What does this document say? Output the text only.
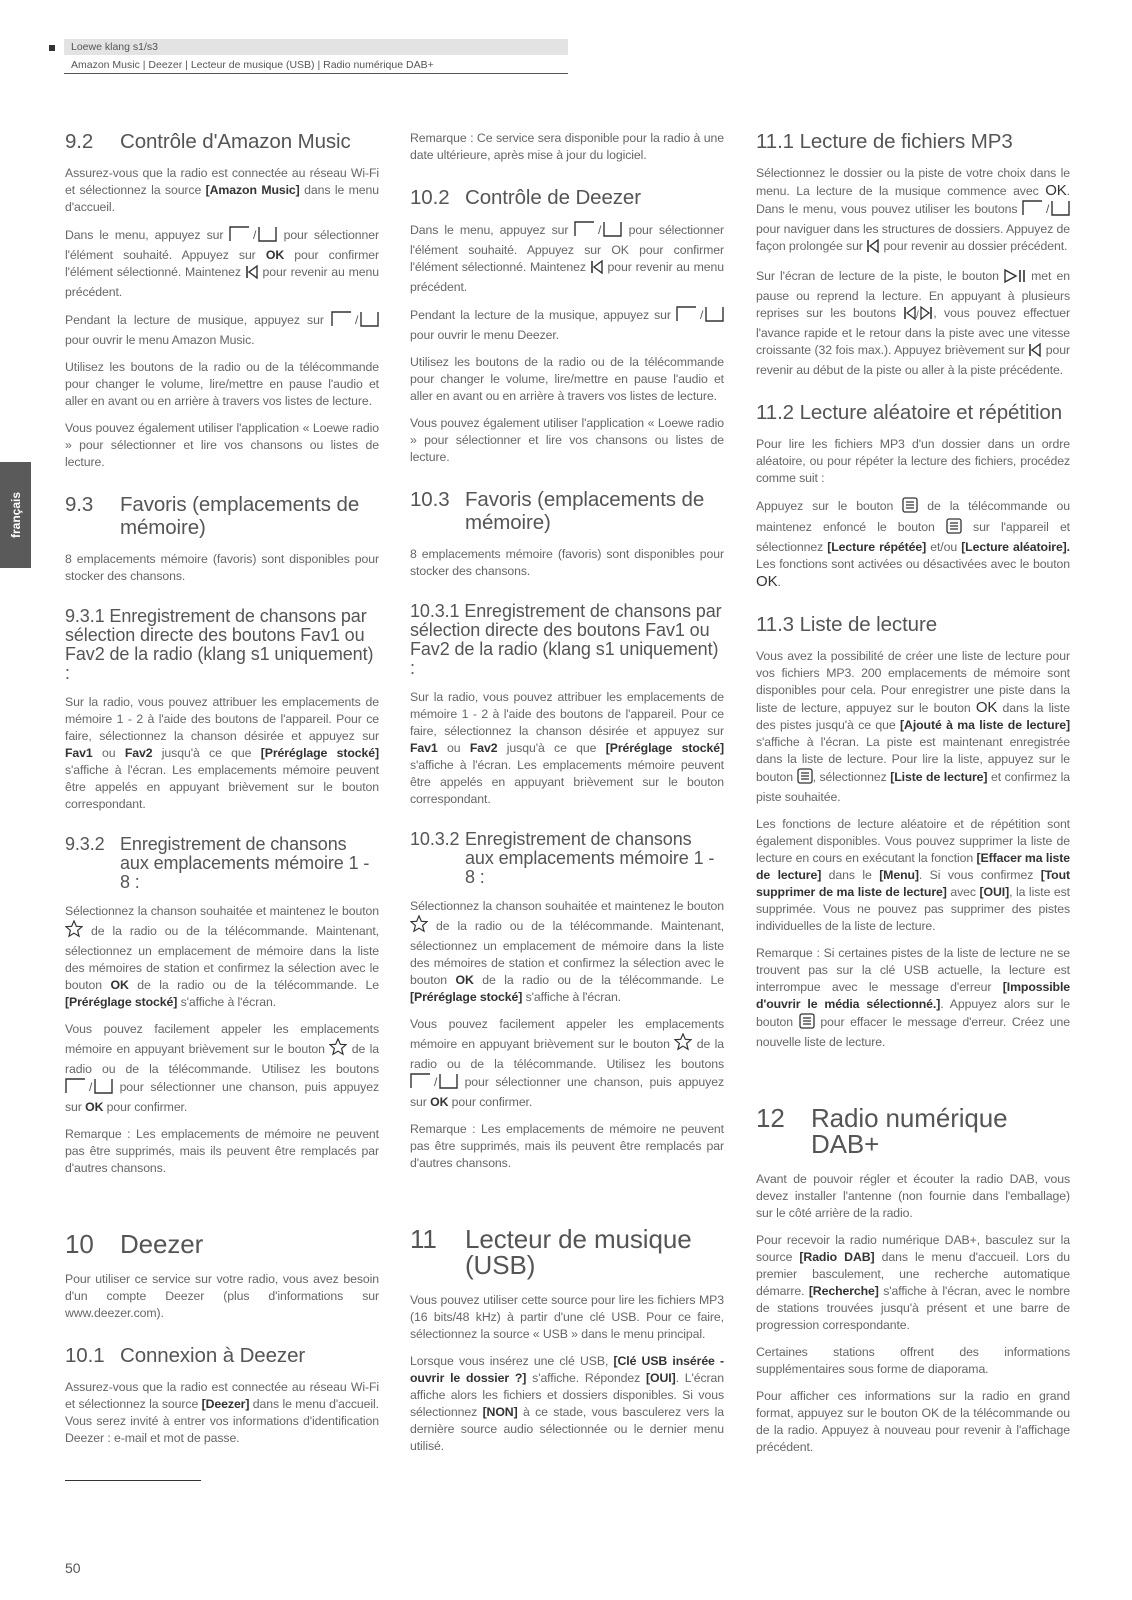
Loewe klang s1/s3
Amazon Music | Deezer | Lecteur de musique (USB) | Radio numérique DAB+
français
9.2	Contrôle d'Amazon Music

Assurez-vous que la radio est connectée au réseau Wi-Fi et sélectionnez la source [Amazon Music] dans le menu d'accueil.

Dans le menu, appuyez sur / pour sélectionner l'élément souhaité. Appuyez sur OK pour confirmer l'élément sélectionné. Maintenez  pour revenir au menu précédent.

Pendant la lecture de musique, appuyez sur /
pour ouvrir le menu Amazon Music.

Utilisez les boutons de la radio ou de la télécommande pour changer le volume, lire/mettre en pause l'audio et aller en avant ou en arrière à travers vos listes de lecture.

Vous pouvez également utiliser l'application « Loewe radio » pour sélectionner et lire vos chansons ou listes de lecture.

9.3	Favoris (emplacements de mémoire)

8 emplacements mémoire (favoris) sont disponibles pour stocker des chansons.

9.3.1 Enregistrement de chansons par sélection directe des boutons Fav1 ou Fav2 de la radio (klang s1 uniquement) :

Sur la radio, vous pouvez attribuer les emplacements de mémoire 1 - 2 à l'aide des boutons de l'appareil. Pour ce faire, sélectionnez la chanson désirée et appuyez sur Fav1 ou Fav2 jusqu'à ce que [Préréglage stocké] s'affiche à l'écran. Les emplacements mémoire peuvent être appelés en appuyant brièvement sur le bouton correspondant.

9.3.2 Enregistrement de chansons aux emplacements mémoire 1 - 8 :

Sélectionnez la chanson souhaitée et maintenez le bouton  de la radio ou de la télécommande. Maintenant, sélectionnez un emplacement de mémoire dans la liste des mémoires de station et confirmez la sélection avec le bouton OK de la radio ou de la télécommande. Le [Préréglage stocké] s'affiche à l'écran.

Vous pouvez facilement appeler les emplacements mémoire en appuyant brièvement sur le bouton  de la radio ou de la télécommande. Utilisez les boutons
/ pour sélectionner une chanson, puis appuyez sur OK pour confirmer.

Remarque : Les emplacements de mémoire ne peuvent pas être supprimés, mais ils peuvent être remplacés par d'autres chansons.

10	Deezer

Pour utiliser ce service sur votre radio, vous avez besoin d'un compte Deezer (plus d'informations sur www.deezer.com).

10.1 Connexion à Deezer

Assurez-vous que la radio est connectée au réseau Wi-Fi et sélectionnez la source [Deezer] dans le menu d'accueil. Vous serez invité à entrer vos informations d'identification Deezer : e-mail et mot de passe.

Remarque : Ce service sera disponible pour la radio à une date ultérieure, après mise à jour du logiciel.

10.2 Contrôle de Deezer

Dans le menu, appuyez sur / pour sélectionner l'élément souhaité. Appuyez sur OK pour confirmer l'élément sélectionné. Maintenez  pour revenir au menu précédent.

Pendant la lecture de la musique, appuyez sur /
pour ouvrir le menu Deezer.

Utilisez les boutons de la radio ou de la télécommande pour changer le volume, lire/mettre en pause l'audio et aller en avant ou en arrière à travers vos listes de lecture.

Vous pouvez également utiliser l'application « Loewe radio » pour sélectionner et lire vos chansons ou listes de lecture.

10.3 Favoris (emplacements de mémoire)

8 emplacements mémoire (favoris) sont disponibles pour stocker des chansons.

10.3.1 Enregistrement de chansons par sélection directe des boutons Fav1 ou Fav2 de la radio (klang s1 uniquement) :

Sur la radio, vous pouvez attribuer les emplacements de mémoire 1 - 2 à l'aide des boutons de l'appareil. Pour ce faire, sélectionnez la chanson désirée et appuyez sur Fav1 ou Fav2 jusqu'à ce que [Préréglage stocké] s'affiche à l'écran. Les emplacements mémoire peuvent être appelés en appuyant brièvement sur le bouton correspondant.

10.3.2 Enregistrement de chansons aux emplacements mémoire 1 - 8 :

Sélectionnez la chanson souhaitée et maintenez le bouton  de la radio ou de la télécommande. Maintenant, sélectionnez un emplacement de mémoire dans la liste des mémoires de station et confirmez la sélection avec le bouton OK de la radio ou de la télécommande. Le [Préréglage stocké] s'affiche à l'écran.

Vous pouvez facilement appeler les emplacements mémoire en appuyant brièvement sur le bouton  de la radio ou de la télécommande. Utilisez les boutons
/ pour sélectionner une chanson, puis appuyez sur OK pour confirmer.

Remarque : Les emplacements de mémoire ne peuvent pas être supprimés, mais ils peuvent être remplacés par d'autres chansons.

11	Lecteur de musique (USB)

Vous pouvez utiliser cette source pour lire les fichiers MP3 (16 bits/48 kHz) à partir d'une clé USB. Pour ce faire, sélectionnez la source « USB » dans le menu principal.

Lorsque vous insérez une clé USB, [Clé USB insérée - ouvrir le dossier ?] s'affiche. Répondez [OUI]. L'écran affiche alors les fichiers et dossiers disponibles. Si vous sélectionnez [NON] à ce stade, vous basculerez vers la dernière source audio sélectionnée ou le dernier menu utilisé.

11.1 Lecture de fichiers MP3

Sélectionnez le dossier ou la piste de votre choix dans le menu. La lecture de la musique commence avec OK. Dans le menu, vous pouvez utiliser les boutons /
pour naviguer dans les structures de dossiers. Appuyez de façon prolongée sur  pour revenir au dossier précédent.

Sur l'écran de lecture de la piste, le bouton  met en pause ou reprend la lecture. En appuyant à plusieurs reprises sur les boutons / , vous pouvez effectuer l'avance rapide et le retour dans la piste avec une vitesse croissante (32 fois max.). Appuyez brièvement sur  pour revenir au début de la piste ou aller à la piste précédente.

11.2 Lecture aléatoire et répétition

Pour lire les fichiers MP3 d'un dossier dans un ordre aléatoire, ou pour répéter la lecture des fichiers, procédez comme suit :

Appuyez sur le bouton  de la télécommande ou maintenez enfoncé le bouton  sur l'appareil et sélectionnez [Lecture répétée] et/ou [Lecture aléatoire]. Les fonctions sont activées ou désactivées avec le bouton OK.

11.3 Liste de lecture

Vous avez la possibilité de créer une liste de lecture pour vos fichiers MP3. 200 emplacements de mémoire sont disponibles pour cela. Pour enregistrer une piste dans la liste de lecture, appuyez sur le bouton OK dans la liste des pistes jusqu'à ce que [Ajouté à ma liste de lecture] s'affiche à l'écran. La piste est maintenant enregistrée dans la liste de lecture. Pour lire la liste, appuyez sur le bouton , sélectionnez [Liste de lecture] et confirmez la piste souhaitée.

Les fonctions de lecture aléatoire et de répétition sont également disponibles. Vous pouvez supprimer la liste de lecture en cours en exécutant la fonction [Effacer ma liste de lecture] dans le [Menu]. Si vous confirmez [Tout supprimer de ma liste de lecture] avec [OUI], la liste est supprimée. Vous ne pouvez pas supprimer des pistes individuelles de la liste de lecture.

Remarque : Si certaines pistes de la liste de lecture ne se trouvent pas sur la clé USB actuelle, la lecture est interrompue avec le message d'erreur [Impossible d'ouvrir le média sélectionné.]. Appuyez alors sur le bouton  pour effacer le message d'erreur. Créez une nouvelle liste de lecture.

12	Radio numérique DAB+

Avant de pouvoir régler et écouter la radio DAB, vous devez installer l'antenne (non fournie dans l'emballage) sur le côté arrière de la radio.

Pour recevoir la radio numérique DAB+, basculez sur la source [Radio DAB] dans le menu d'accueil. Lors du premier basculement, une recherche automatique démarre. [Recherche] s'affiche à l'écran, avec le nombre de stations trouvées jusqu'à présent et une barre de progression correspondante.

Certaines stations offrent des informations supplémentaires sous forme de diaporama.

Pour afficher ces informations sur la radio en grand format, appuyez sur le bouton OK de la télécommande ou de la radio. Appuyez à nouveau pour revenir à l'affichage précédent.

50
